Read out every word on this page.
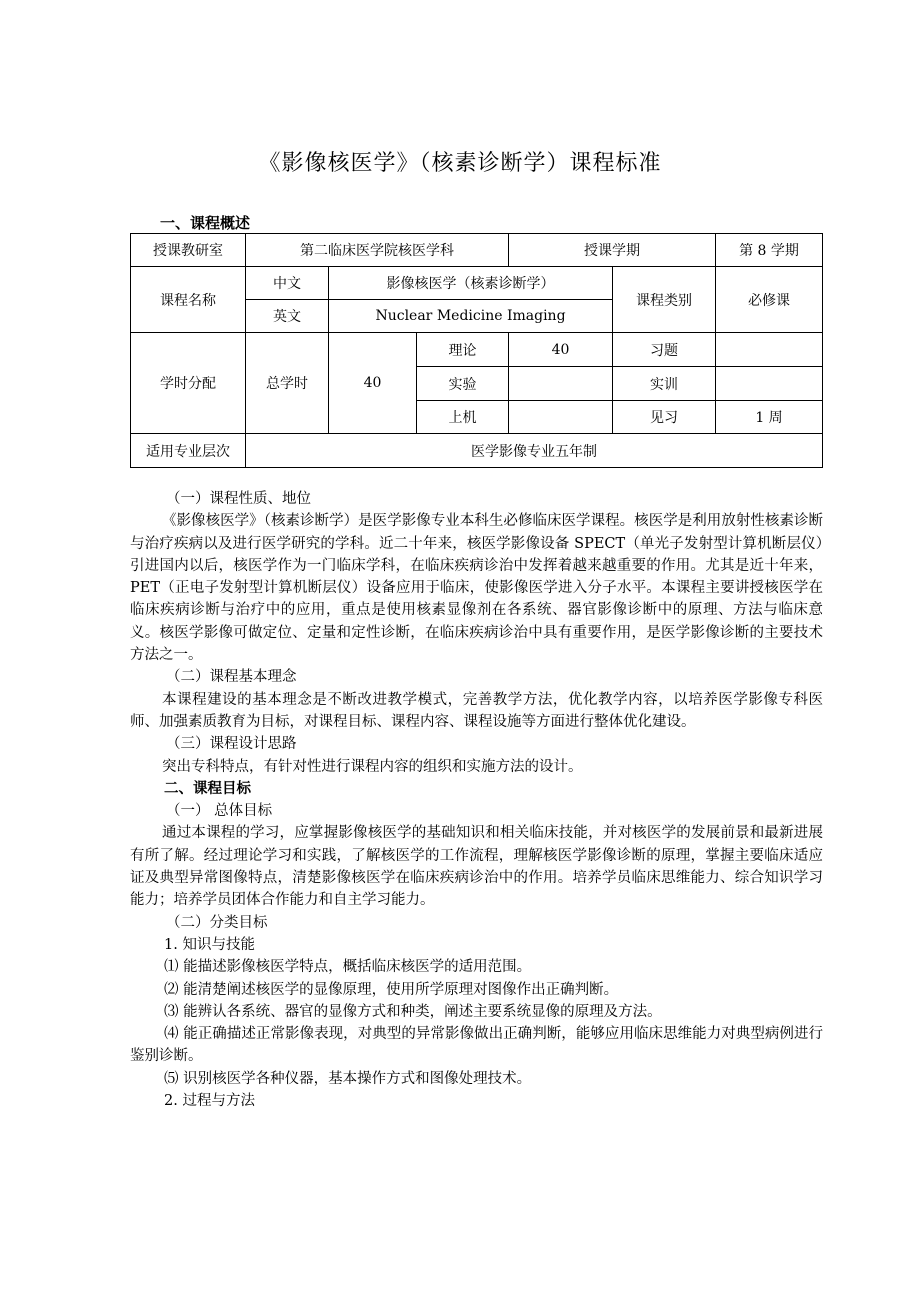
《影像核医学》（核素诊断学）课程标准
一、课程概述
授课教研室	第二临床医学院核医学科			授课学期		第 8 学期
课程名称	中文	影像核医学（核素诊断学）			课程类别	必修课
	英文	Nuclear Medicine Imaging				
学时分配	总学时	40	理论	40	习题	
			实验		实训	
			上机		见习	1 周
适用专业层次	医学影像专业五年制					

（一）课程性质、地位

《影像核医学》（核素诊断学）是医学影像专业本科生必修临床医学课程。核医学是利用放射性核素诊断与治疗疾病以及进行医学研究的学科。近二十年来，核医学影像设备 SPECT（单光子发射型计算机断层仪）引进国内以后，核医学作为一门临床学科，在临床疾病诊治中发挥着越来越重要的作用。尤其是近十年来，PET（正电子发射型计算机断层仪）设备应用于临床，使影像医学进入分子水平。本课程主要讲授核医学在临床疾病诊断与治疗中的应用，重点是使用核素显像剂在各系统、器官影像诊断中的原理、方法与临床意义。核医学影像可做定位、定量和定性诊断，在临床疾病诊治中具有重要作用，是医学影像诊断的主要技术方法之一。

（二）课程基本理念

本课程建设的基本理念是不断改进教学模式，完善教学方法，优化教学内容，以培养医学影像专科医师、加强素质教育为目标，对课程目标、课程内容、课程设施等方面进行整体优化建设。

（三）课程设计思路

突出专科特点，有针对性进行课程内容的组织和实施方法的设计。

二、课程目标

（一） 总体目标

通过本课程的学习，应掌握影像核医学的基础知识和相关临床技能，并对核医学的发展前景和最新进展有所了解。经过理论学习和实践，了解核医学的工作流程，理解核医学影像诊断的原理，掌握主要临床适应证及典型异常图像特点，清楚影像核医学在临床疾病诊治中的作用。培养学员临床思维能力、综合知识学习能力；培养学员团体合作能力和自主学习能力。

（二）分类目标

1. 知识与技能

⑴ 能描述影像核医学特点，概括临床核医学的适用范围。

⑵ 能清楚阐述核医学的显像原理，使用所学原理对图像作出正确判断。

⑶ 能辨认各系统、器官的显像方式和种类，阐述主要系统显像的原理及方法。

⑷ 能正确描述正常影像表现，对典型的异常影像做出正确判断，能够应用临床思维能力对典型病例进行鉴别诊断。

⑸ 识别核医学各种仪器，基本操作方式和图像处理技术。

2. 过程与方法
